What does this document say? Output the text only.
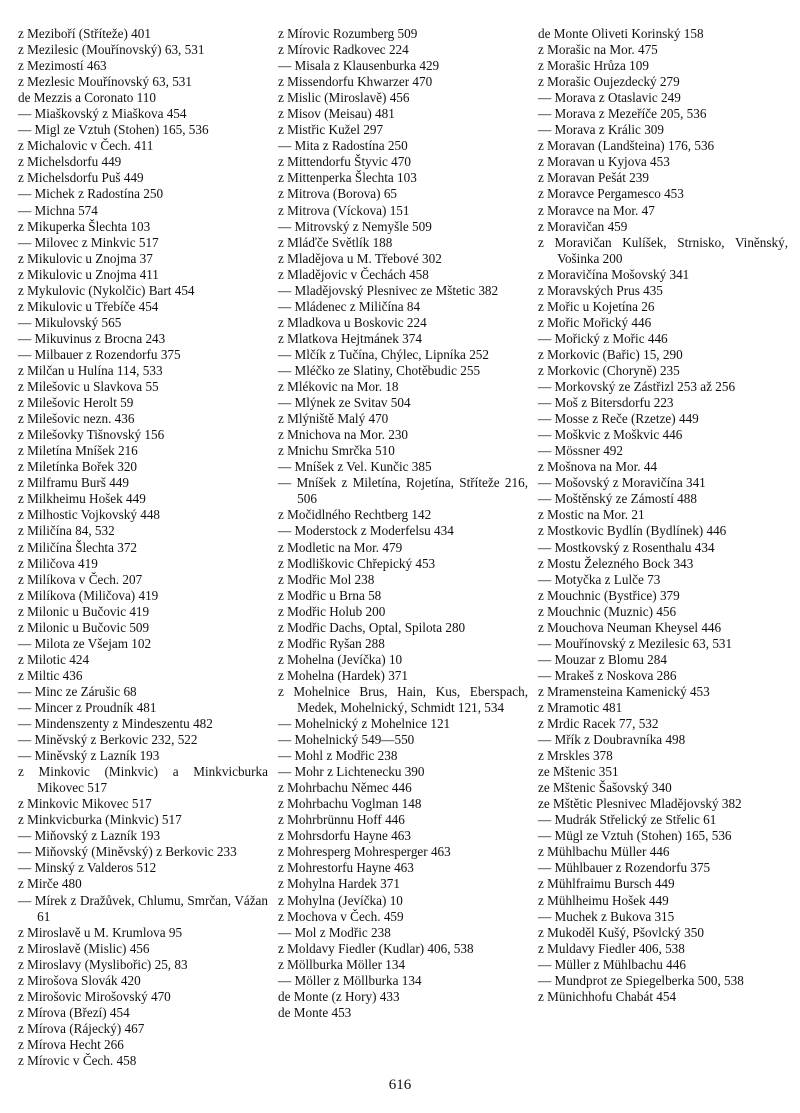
z Meziboří (Stříteže) 401
z Mezilesic (Mouřínovský) 63, 531
z Mezimostí 463
z Mezlesic Mouřínovský 63, 531
de Mezzis a Coronato 110
— Miaškovský z Miaškova 454
— Migl ze Vztuh (Stohen) 165, 536
z Michalovic v Čech. 411
z Michelsdorfu 449
z Michelsdorfu Puš 449
— Michek z Radostína 250
— Michna 574
z Mikuperka Šlechta 103
— Milovec z Minkvic 517
z Mikulovic u Znojma 37
z Mikulovic u Znojma 411
z Mykulovic (Nykolčic) Bart 454
z Mikulovic u Třebíče 454
— Mikulovský 565
— Mikuvinus z Brocna 243
— Milbauer z Rozendorfu 375
z Milčan u Hulína 114, 533
z Milešovic u Slavkova 55
z Milešovic Herolt 59
z Milešovic nezn. 436
z Milešovky Tišnovský 156
z Miletína Mníšek 216
z Miletínka Bořek 320
z Milframu Burš 449
z Milkheimu Hošek 449
z Milhostic Vojkovský 448
z Miličína 84, 532
z Miličína Šlechta 372
z Miličova 419
z Milíkova v Čech. 207
z Milíkova (Miličova) 419
z Milonic u Bučovic 419
z Milonic u Bučovic 509
— Milota ze Všejam 102
z Milotic 424
z Miltic 436
— Minc ze Zárušic 68
— Mincer z Proudník 481
— Mindenszenty z Mindeszentu 482
— Miněvský z Berkovic 232, 522
— Miněvský z Lazník 193
z Minkovic (Minkvic) a Minkvicburka Mikovec 517
z Minkovic Mikovec 517
z Minkvicburka (Minkvic) 517
— Miňovský z Lazník 193
— Miňovský (Miněvský) z Berkovic 233
— Minský z Valderos 512
z Mirče 480
— Mírek z Dražůvek, Chlumu, Smrčan, Vážan 61
z Miroslavě u M. Krumlova 95
z Miroslavě (Mislic) 456
z Miroslavy (Myslibořic) 25, 83
z Mirošova Slovák 420
z Mirošovic Mirošovský 470
z Mírova (Březí) 454
z Mírova (Rájecký) 467
z Mírova Hecht 266
z Mírovic v Čech. 458
z Mírovic Rozumberg 509
z Mírovic Radkovec 224
— Misala z Klausenburka 429
z Missendorfu Khwarzer 470
z Mislic (Miroslavě) 456
z Misov (Meisau) 481
z Mistřic Kužel 297
— Mita z Radostína 250
z Mittendorfu Štyvic 470
z Mittenperka Šlechta 103
z Mitrova (Borova) 65
z Mitrova (Víckova) 151
— Mitrovský z Nemyšle 509
z Mláďče Světlík 188
z Mladějova u M. Třebové 302
z Mladějovic v Čechách 458
— Mladějovský Plesnivec ze Mštetic 382
— Mládenec z Miličína 84
z Mladkova u Boskovic 224
z Mlatkova Hejtmánek 374
— Mlčík z Tučína, Chýlec, Lipníka 252
— Mléčko ze Slatiny, Chotěbudic 255
z Mlékovic na Mor. 18
— Mlýnek ze Svitav 504
z Mlýniště Malý 470
z Mnichova na Mor. 230
z Mnichu Smrčka 510
— Mníšek z Vel. Kunčic 385
— Mníšek z Miletína, Rojetína, Stříteže 216, 506
z Močidlného Rechtberg 142
— Moderstock z Moderfelsu 434
z Modletic na Mor. 479
z Modliškovic Chřepický 453
z Modřic Mol 238
z Modřic u Brna 58
z Modřic Holub 200
z Modřic Dachs, Optal, Spilota 280
z Modřic Ryšan 288
z Mohelna (Jevíčka) 10
z Mohelna (Hardek) 371
z Mohelnice Brus, Hain, Kus, Eberspach, Medek, Mohelnický, Schmidt 121, 534
— Mohelnický z Mohelnice 121
— Mohelnický 549—550
— Mohl z Modřic 238
— Mohr z Lichtenecku 390
z Mohrbachu Němec 446
z Mohrbachu Voglman 148
z Mohrbrünnu Hoff 446
z Mohrsdorfu Hayne 463
z Mohresperg Mohresperger 463
z Mohrestorfu Hayne 463
z Mohylna Hardek 371
z Mohylna (Jevíčka) 10
z Mochova v Čech. 459
— Mol z Modřic 238
z Moldavy Fiedler (Kudlar) 406, 538
z Möllburka Möller 134
— Möller z Möllburka 134
de Monte (z Hory) 433
de Monte 453
de Monte Oliveti Korinský 158
z Morašic na Mor. 475
z Morašic Hrůza 109
z Morašic Oujezdecký 279
— Morava z Otaslavic 249
— Morava z Mezeříče 205, 536
— Morava z Králic 309
z Moravan (Landšteina) 176, 536
z Moravan u Kyjova 453
z Moravan Pešát 239
z Moravce Pergamesco 453
z Moravce na Mor. 47
z Moravičan 459
z Moravičan Kulíšek, Strnisko, Viněnský, Vošinka 200
z Moravičína Mošovský 341
z Moravských Prus 435
z Mořic u Kojetína 26
z Mořic Mořický 446
— Mořický z Mořic 446
z Morkovic (Bařic) 15, 290
z Morkovic (Choryně) 235
— Morkovský ze Zástřizl 253 až 256
— Moš z Bitersdorfu 223
— Mosse z Reče (Rzetze) 449
— Moškvic z Moškvic 446
— Mössner 492
z Mošnova na Mor. 44
— Mošovský z Moravičína 341
— Moštěnský ze Zámostí 488
z Mostic na Mor. 21
z Mostkovic Bydlín (Bydlínek) 446
— Mostkovský z Rosenthalu 434
z Mostu Železného Bock 343
— Motyčka z Lulče 73
z Mouchnic (Bystřice) 379
z Mouchnic (Muznic) 456
z Mouchova Neuman Kheysel 446
— Mouřínovský z Mezilesic 63, 531
— Mouzar z Blomu 284
— Mrakeš z Noskova 286
z Mramensteina Kamenický 453
z Mramotic 481
z Mrdic Racek 77, 532
— Mřík z Doubravníka 498
z Mrskles 378
ze Mštenic 351
ze Mštenic Šašovský 340
ze Mštětic Plesnivec Mladějovský 382
— Mudrák Střelický ze Střelic 61
— Mügl ze Vztuh (Stohen) 165, 536
z Mühlbachu Müller 446
— Mühlbauer z Rozendorfu 375
z Mühlfraimu Bursch 449
z Mühlheimu Hošek 449
— Muchek z Bukova 315
z Mukoděl Kušý, Pšovlcký 350
z Muldavy Fiedler 406, 538
— Müller z Mühlbachu 446
— Mundprot ze Spiegelberka 500, 538
z Münichhofu Chabát 454
616
